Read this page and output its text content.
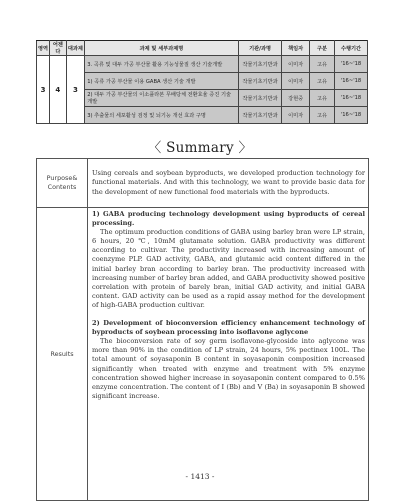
영역	어젠다	대과제	과제 및 세부과제명	기관/과명	책임자	구분	수행기간
3	4	3	3. 곡류 및 대두 가공 부산물 활용 기능성물질 생산 기술개발	작물기초기반과	이미자	고유	'16~'18
			1) 곡류 가공 부산물 이용 GABA 생산 기술 개발	작물기초기반과	이미자	고유	'16~'18
			2) 대두 가공 부산물의 이소플라본 무배당체 전환효율 증진 기술 개발	작물기초기반과	강현중	고유	'16~'18
			3) 추출물의 세포활성 검정 및 뇌기능 개선 효과 구명	작물기초기반과	이미자	고유	'16~'18
〈 Summary 〉
Purpose& Contents	Using cereals and soybean byproducts, we developed production technology for functional materials. And with this technology, we want to provide basic data for the development of new functional food materials with the byproducts.
Results	1) GABA producing technology development using byproducts of cereal processing.

The optimum production conditions of GABA using barley bran were LP strain, 6 hours, 20 ℃, 10mM glutamate solution. GABA productivity was different according to cultivar. The productivity increased with increasing amount of coenzyme PLP. GAD activity, GABA, and glutamic acid content differed in the initial barley bran according to barley bran. The productivity increased with increasing number of barley bran added, and GABA productivity showed positive correlation with protein of barely bran, initial GAD activity, and initial GABA content. GAD activity can be used as a rapid assay method for the development of high-GABA production cultivar.

2) Development of bioconversion efficiency enhancement technology of byproducts of soybean processing into isoflavone aglycone

The bioconversion rate of soy germ isoflavone-glycoside into aglycone was more than 90% in the condition of LP strain, 24 hours, 5% pectinex 100L. The total amount of soyasaponin B content in soyasaponin composition increased significantly when treated with enzyme and treatment with 5% enzyme concentration showed higher increase in soyasaponin content compared to 0.5% enzyme concentration. The content of I (Bb) and V (Ba) in soyasaponin B showed significant increase.

- 1413 -
